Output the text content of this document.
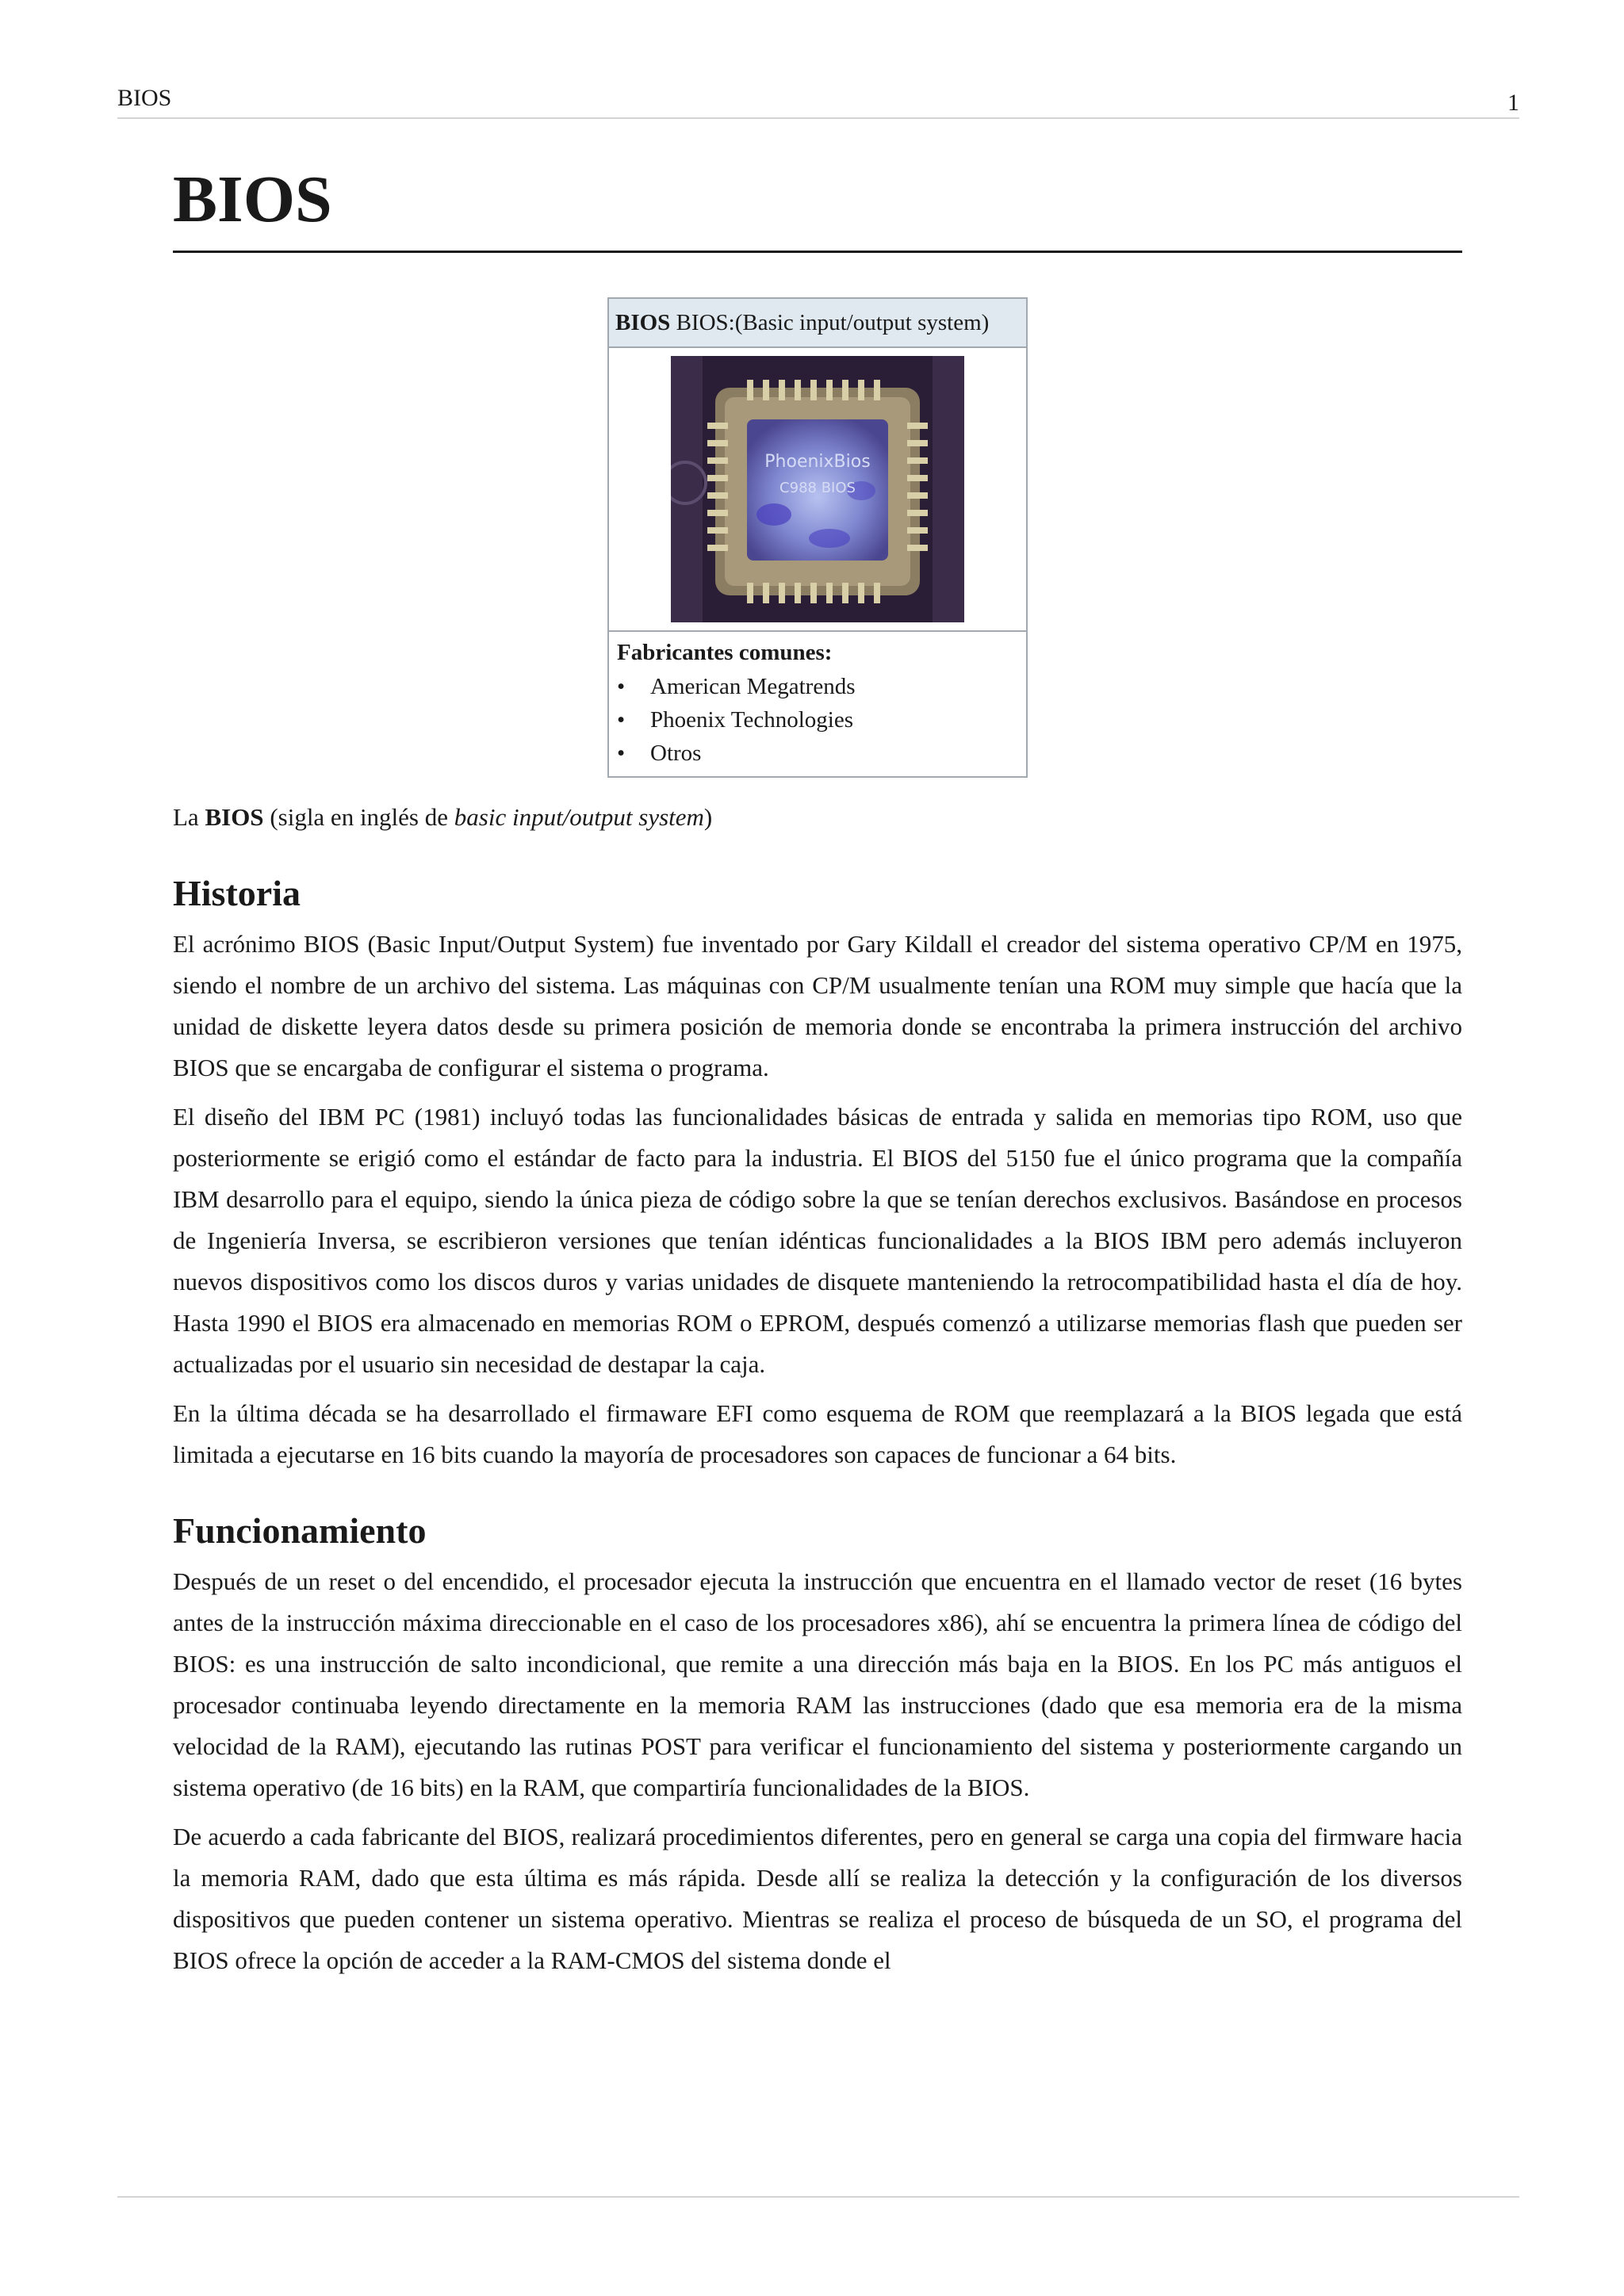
BIOS	1
BIOS
BIOS BIOS:(Basic input/output system)
PhoenixBios
C988 BIOS
Fabricantes comunes:
• American Megatrends
• Phoenix Technologies
• Otros

La BIOS (sigla en inglés de basic input/output system)

Historia

El acrónimo BIOS (Basic Input/Output System) fue inventado por Gary Kildall el creador del sistema operativo CP/M en 1975, siendo el nombre de un archivo del sistema. Las máquinas con CP/M usualmente tenían una ROM muy simple que hacía que la unidad de diskette leyera datos desde su primera posición de memoria donde se encontraba la primera instrucción del archivo BIOS que se encargaba de configurar el sistema o programa.

El diseño del IBM PC (1981) incluyó todas las funcionalidades básicas de entrada y salida en memorias tipo ROM, uso que posteriormente se erigió como el estándar de facto para la industria. El BIOS del 5150 fue el único programa que la compañía IBM desarrollo para el equipo, siendo la única pieza de código sobre la que se tenían derechos exclusivos. Basándose en procesos de Ingeniería Inversa, se escribieron versiones que tenían idénticas funcionalidades a la BIOS IBM pero además incluyeron nuevos dispositivos como los discos duros y varias unidades de disquete manteniendo la retrocompatibilidad hasta el día de hoy. Hasta 1990 el BIOS era almacenado en memorias ROM o EPROM, después comenzó a utilizarse memorias flash que pueden ser actualizadas por el usuario sin necesidad de destapar la caja.

En la última década se ha desarrollado el firmaware EFI como esquema de ROM que reemplazará a la BIOS legada que está limitada a ejecutarse en 16 bits cuando la mayoría de procesadores son capaces de funcionar a 64 bits.

Funcionamiento

Después de un reset o del encendido, el procesador ejecuta la instrucción que encuentra en el llamado vector de reset (16 bytes antes de la instrucción máxima direccionable en el caso de los procesadores x86), ahí se encuentra la primera línea de código del BIOS: es una instrucción de salto incondicional, que remite a una dirección más baja en la BIOS. En los PC más antiguos el procesador continuaba leyendo directamente en la memoria RAM las instrucciones (dado que esa memoria era de la misma velocidad de la RAM), ejecutando las rutinas POST para verificar el funcionamiento del sistema y posteriormente cargando un sistema operativo (de 16 bits) en la RAM, que compartiría funcionalidades de la BIOS.

De acuerdo a cada fabricante del BIOS, realizará procedimientos diferentes, pero en general se carga una copia del firmware hacia la memoria RAM, dado que esta última es más rápida. Desde allí se realiza la detección y la configuración de los diversos dispositivos que pueden contener un sistema operativo. Mientras se realiza el proceso de búsqueda de un SO, el programa del BIOS ofrece la opción de acceder a la RAM-CMOS del sistema donde el
